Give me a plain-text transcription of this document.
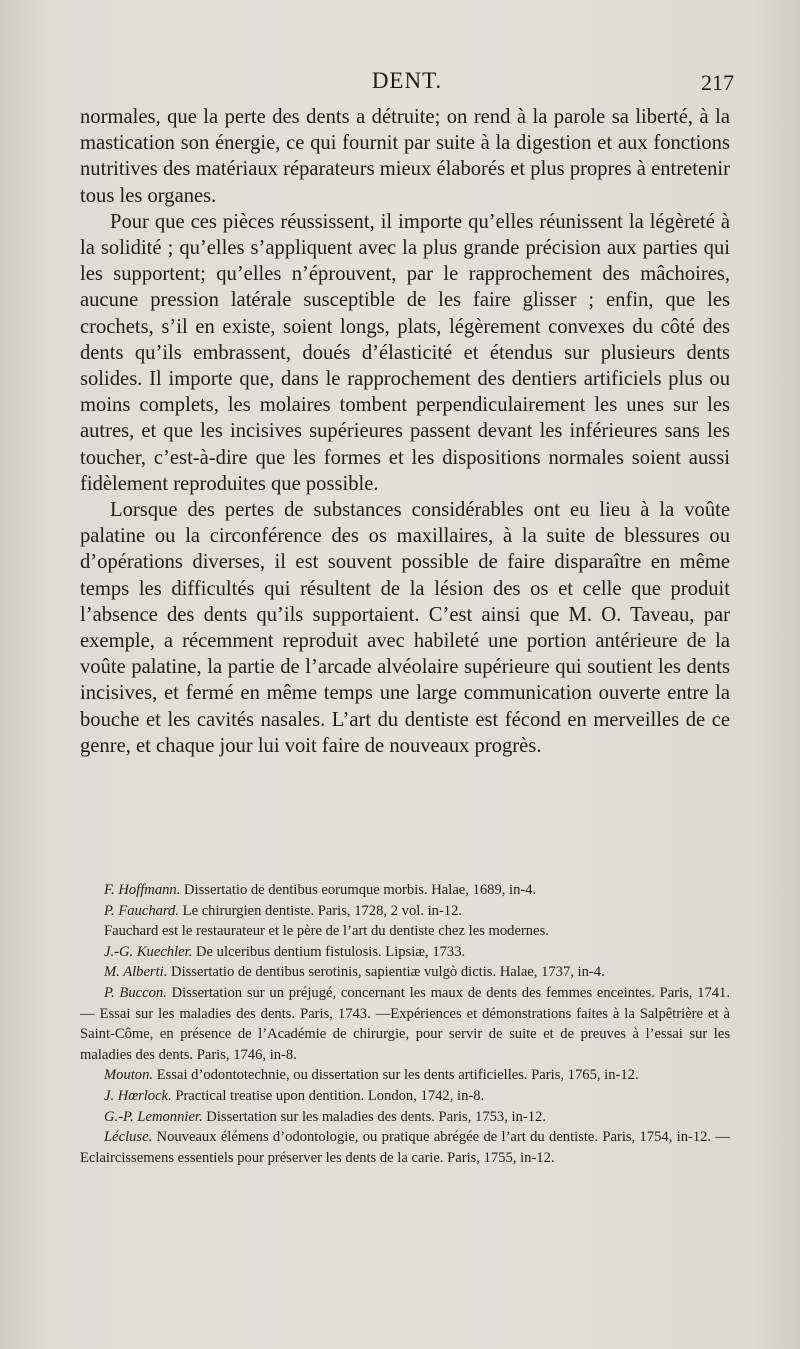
DENT.	217

normales, que la perte des dents a détruite; on rend à la parole sa liberté, à la mastication son énergie, ce qui fournit par suite à la digestion et aux fonctions nutritives des matériaux réparateurs mieux élaborés et plus propres à entretenir tous les organes.

Pour que ces pièces réussissent, il importe qu’elles réunissent la légèreté à la solidité ; qu’elles s’appliquent avec la plus grande précision aux parties qui les supportent; qu’elles n’éprouvent, par le rapprochement des mâchoires, aucune pression latérale susceptible de les faire glisser ; enfin, que les crochets, s’il en existe, soient longs, plats, légèrement convexes du côté des dents qu’ils embrassent, doués d’élasticité et étendus sur plusieurs dents solides. Il importe que, dans le rapprochement des dentiers artificiels plus ou moins complets, les molaires tombent perpendiculairement les unes sur les autres, et que les incisives supérieures passent devant les inférieures sans les toucher, c’est-à-dire que les formes et les dispositions normales soient aussi fidèlement reproduites que possible.

Lorsque des pertes de substances considérables ont eu lieu à la voûte palatine ou la circonférence des os maxillaires, à la suite de blessures ou d’opérations diverses, il est souvent possible de faire disparaître en même temps les difficultés qui résultent de la lésion des os et celle que produit l’absence des dents qu’ils supportaient. C’est ainsi que M. O. Taveau, par exemple, a récemment reproduit avec habileté une portion antérieure de la voûte palatine, la partie de l’arcade alvéolaire supérieure qui soutient les dents incisives, et fermé en même temps une large communication ouverte entre la bouche et les cavités nasales. L’art du dentiste est fécond en merveilles de ce genre, et chaque jour lui voit faire de nouveaux progrès.

F. Hoffmann. Dissertatio de dentibus eorumque morbis. Halae, 1689, in-4.

P. Fauchard. Le chirurgien dentiste. Paris, 1728, 2 vol. in-12.

Fauchard est le restaurateur et le père de l’art du dentiste chez les modernes.

J.-G. Kuechler. De ulceribus dentium fistulosis. Lipsiæ, 1733.

M. Alberti. Dissertatio de dentibus serotinis, sapientiæ vulgò dictis. Halae, 1737, in-4.

P. Buccon. Dissertation sur un préjugé, concernant les maux de dents des femmes enceintes. Paris, 1741. — Essai sur les maladies des dents. Paris, 1743. —Expériences et démonstrations faites à la Salpêtrière et à Saint-Côme, en présence de l’Académie de chirurgie, pour servir de suite et de preuves à l’essai sur les maladies des dents. Paris, 1746, in-8.

Mouton. Essai d’odontotechnie, ou dissertation sur les dents artificielles. Paris, 1765, in-12.

J. Hœrlock. Practical treatise upon dentition. London, 1742, in-8.

G.-P. Lemonnier. Dissertation sur les maladies des dents. Paris, 1753, in-12.

Lécluse. Nouveaux élémens d’odontologie, ou pratique abrégée de l’art du dentiste. Paris, 1754, in-12. — Eclaircissemens essentiels pour préserver les dents de la carie. Paris, 1755, in-12.
